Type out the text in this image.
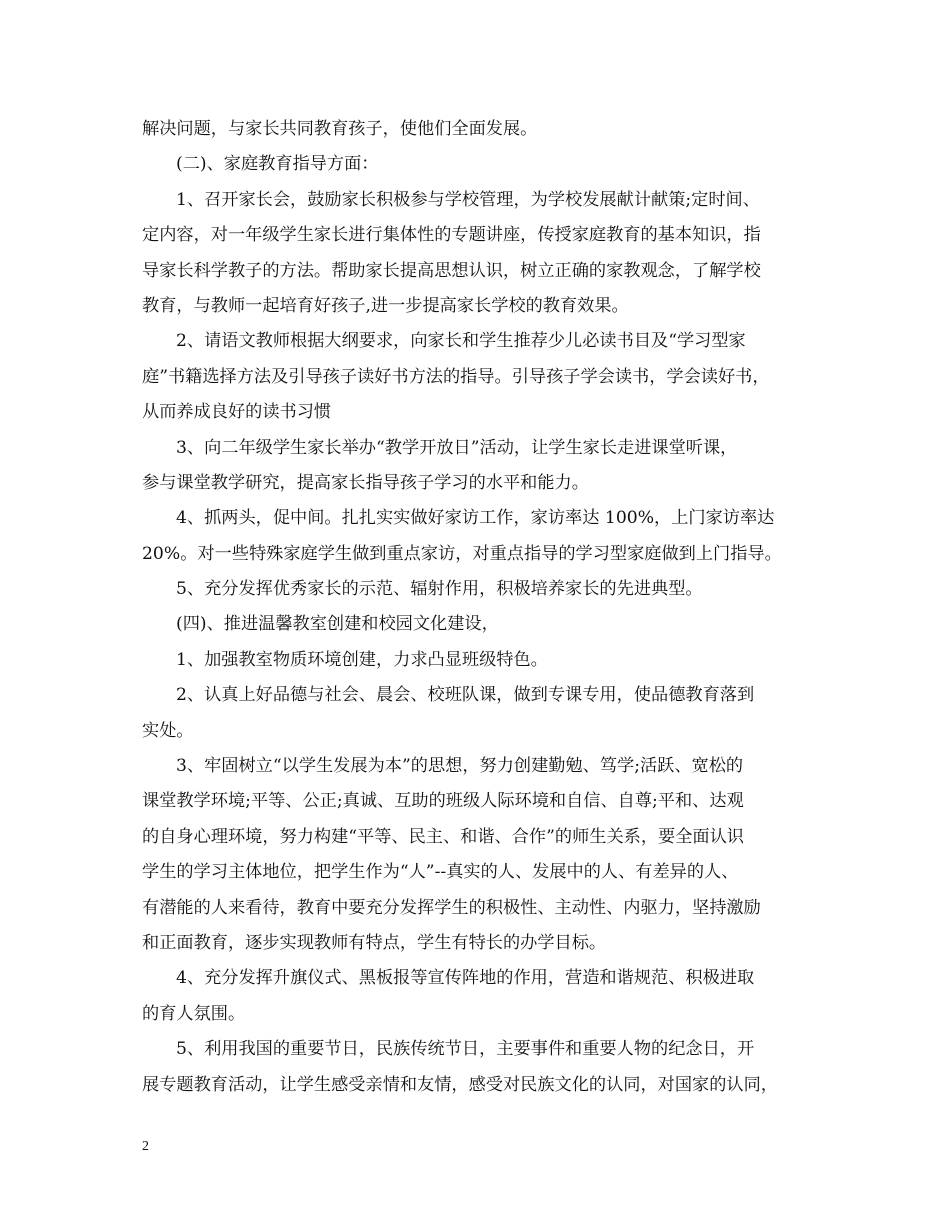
解决问题，与家长共同教育孩子，使他们全面发展。
(二)、家庭教育指导方面：
1、召开家长会，鼓励家长积极参与学校管理，为学校发展献计献策;定时间、
定内容，对一年级学生家长进行集体性的专题讲座，传授家庭教育的基本知识，指
导家长科学教子的方法。帮助家长提高思想认识，树立正确的家教观念，了解学校
教育，与教师一起培育好孩子,进一步提高家长学校的教育效果。
2、请语文教师根据大纲要求，向家长和学生推荐少儿必读书目及“学习型家
庭”书籍选择方法及引导孩子读好书方法的指导。引导孩子学会读书，学会读好书，
从而养成良好的读书习惯
3、向二年级学生家长举办“教学开放日”活动，让学生家长走进课堂听课，
参与课堂教学研究，提高家长指导孩子学习的水平和能力。
4、抓两头，促中间。扎扎实实做好家访工作，家访率达 100%，上门家访率达
20%。对一些特殊家庭学生做到重点家访，对重点指导的学习型家庭做到上门指导。
5、充分发挥优秀家长的示范、辐射作用，积极培养家长的先进典型。
(四)、推进温馨教室创建和校园文化建设，
1、加强教室物质环境创建，力求凸显班级特色。
2、认真上好品德与社会、晨会、校班队课，做到专课专用，使品德教育落到
实处。
3、牢固树立“以学生发展为本”的思想，努力创建勤勉、笃学;活跃、宽松的
课堂教学环境;平等、公正;真诚、互助的班级人际环境和自信、自尊;平和、达观
的自身心理环境，努力构建“平等、民主、和谐、合作”的师生关系，要全面认识
学生的学习主体地位，把学生作为“人”--真实的人、发展中的人、有差异的人、
有潜能的人来看待，教育中要充分发挥学生的积极性、主动性、内驱力，坚持激励
和正面教育，逐步实现教师有特点，学生有特长的办学目标。
4、充分发挥升旗仪式、黑板报等宣传阵地的作用，营造和谐规范、积极进取
的育人氛围。
5、利用我国的重要节日，民族传统节日，主要事件和重要人物的纪念日，开
展专题教育活动，让学生感受亲情和友情，感受对民族文化的认同，对国家的认同，
2
